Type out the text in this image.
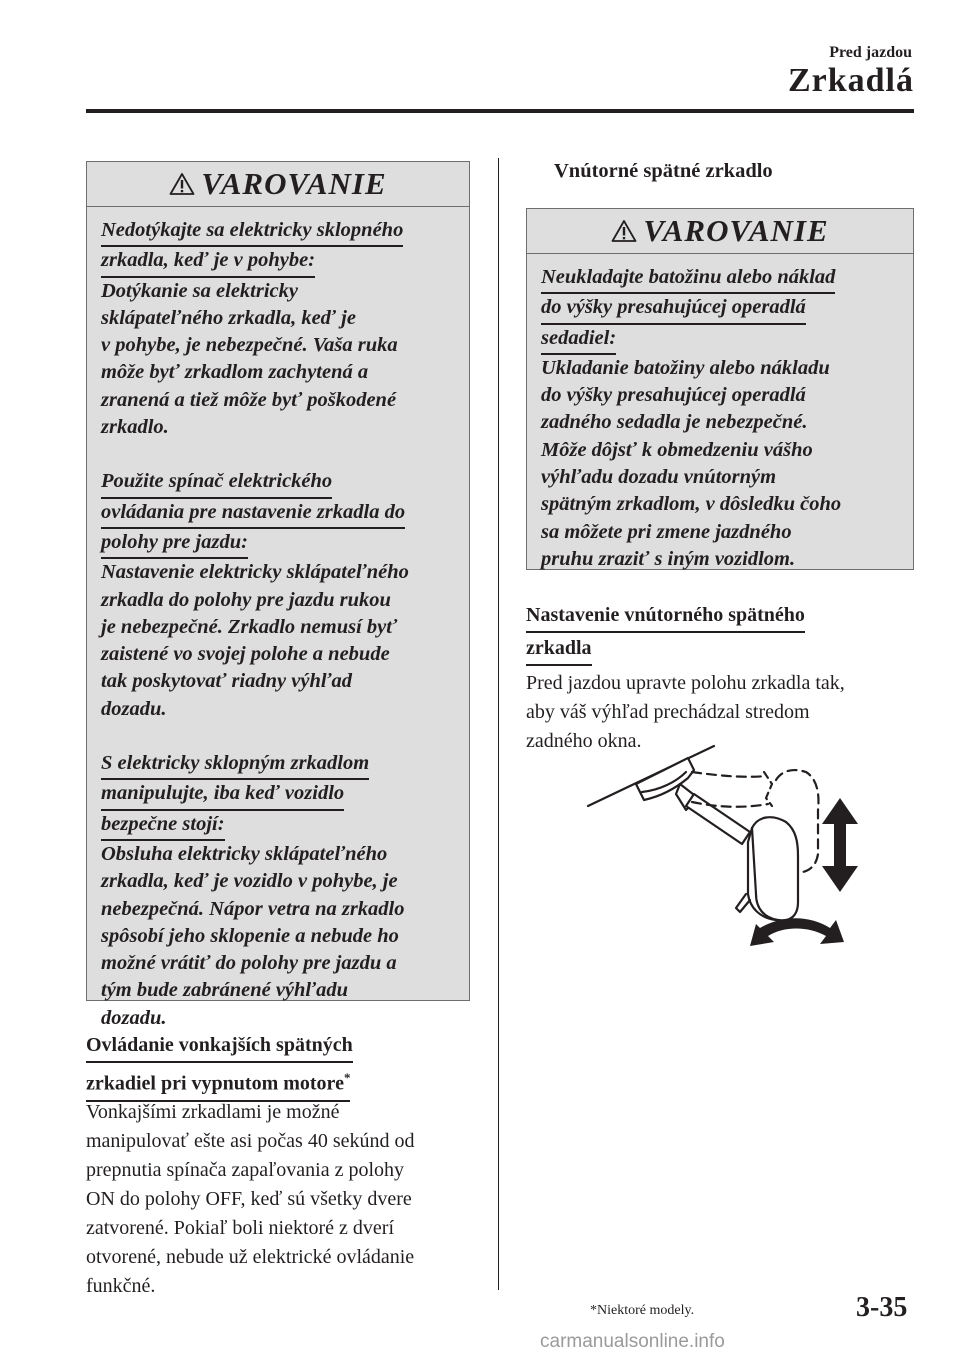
Pred jazdou
Zrkadlá
VAROVANIE
Nedotýkajte sa elektricky sklopného
zrkadla, keď je v pohybe:
Dotýkanie sa elektricky
sklápateľného zrkadla, keď je
v pohybe, je nebezpečné. Vaša ruka
môže byť zrkadlom zachytená a
zranená a tiež môže byť poškodené
zrkadlo.
Použite spínač elektrického
ovládania pre nastavenie zrkadla do
polohy pre jazdu:
Nastavenie elektricky sklápateľného
zrkadla do polohy pre jazdu rukou
je nebezpečné. Zrkadlo nemusí byť
zaistené vo svojej polohe a nebude
tak poskytovať riadny výhľad
dozadu.
S elektricky sklopným zrkadlom
manipulujte, iba keď vozidlo
bezpečne stojí:
Obsluha elektricky sklápateľného
zrkadla, keď je vozidlo v pohybe, je
nebezpečná. Nápor vetra na zrkadlo
spôsobí jeho sklopenie a nebude ho
možné vrátiť do polohy pre jazdu a
tým bude zabránené výhľadu
dozadu.
Ovládanie vonkajších spätných
zrkadiel pri vypnutom motore*
Vonkajšími zrkadlami je možné
manipulovať ešte asi počas 40 sekúnd od
prepnutia spínača zapaľovania z polohy
ON do polohy OFF, keď sú všetky dvere
zatvorené. Pokiaľ boli niektoré z dverí
otvorené, nebude už elektrické ovládanie
funkčné.
Vnútorné spätné zrkadlo
VAROVANIE
Neukladajte batožinu alebo náklad
do výšky presahujúcej operadlá
sedadiel:
Ukladanie batožiny alebo nákladu
do výšky presahujúcej operadlá
zadného sedadla je nebezpečné.
Môže dôjsť k obmedzeniu vášho
výhľadu dozadu vnútorným
spätným zrkadlom, v dôsledku čoho
sa môžete pri zmene jazdného
pruhu zraziť s iným vozidlom.
Nastavenie vnútorného spätného
zrkadla
Pred jazdou upravte polohu zrkadla tak,
aby váš výhľad prechádzal stredom
zadného okna.
*Niektoré modely.	3-35
carmanualsonline.info
